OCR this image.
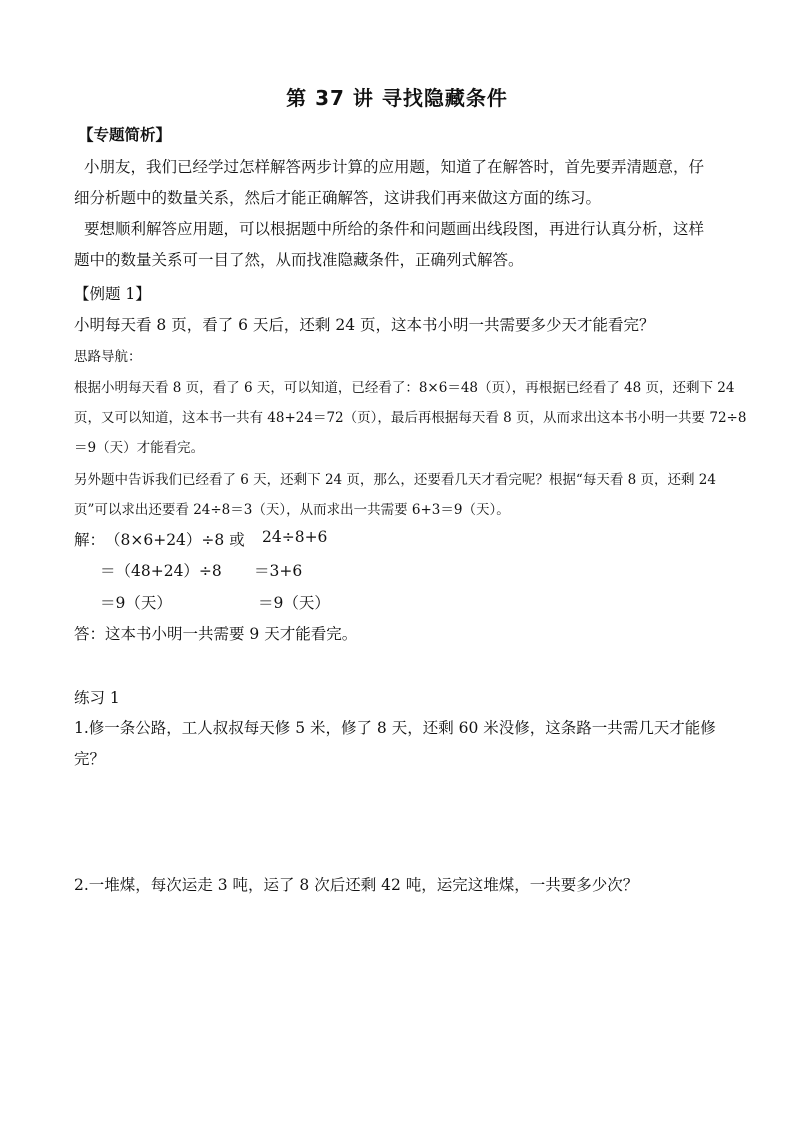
第 37 讲 寻找隐藏条件
【专题简析】
小朋友，我们已经学过怎样解答两步计算的应用题，知道了在解答时，首先要弄清题意，仔
细分析题中的数量关系，然后才能正确解答，这讲我们再来做这方面的练习。
要想顺利解答应用题，可以根据题中所给的条件和问题画出线段图，再进行认真分析，这样
题中的数量关系可一目了然，从而找准隐藏条件，正确列式解答。
【例题 1】
小明每天看 8 页，看了 6 天后，还剩 24 页，这本书小明一共需要多少天才能看完？
思路导航：
根据小明每天看 8 页，看了 6 天，可以知道，已经看了：8×6＝48（页），再根据已经看了 48 页，还剩下 24
页，又可以知道，这本书一共有 48+24＝72（页），最后再根据每天看 8 页，从而求出这本书小明一共要 72÷8
＝9（天）才能看完。
另外题中告诉我们已经看了 6 天，还剩下 24 页，那么，还要看几天才看完呢？根据“每天看 8 页，还剩 24
页”可以求出还要看 24÷8＝3（天），从而求出一共需要 6+3＝9（天）。
解： （8×6+24）÷8 或 24÷8+6
＝（48+24）÷8 ＝3+6
＝9（天）	＝9（天）
答：这本书小明一共需要 9 天才能看完。
练习 1
1.修一条公路，工人叔叔每天修 5 米，修了 8 天，还剩 60 米没修，这条路一共需几天才能修
完？
2.一堆煤，每次运走 3 吨，运了 8 次后还剩 42 吨，运完这堆煤，一共要多少次？
